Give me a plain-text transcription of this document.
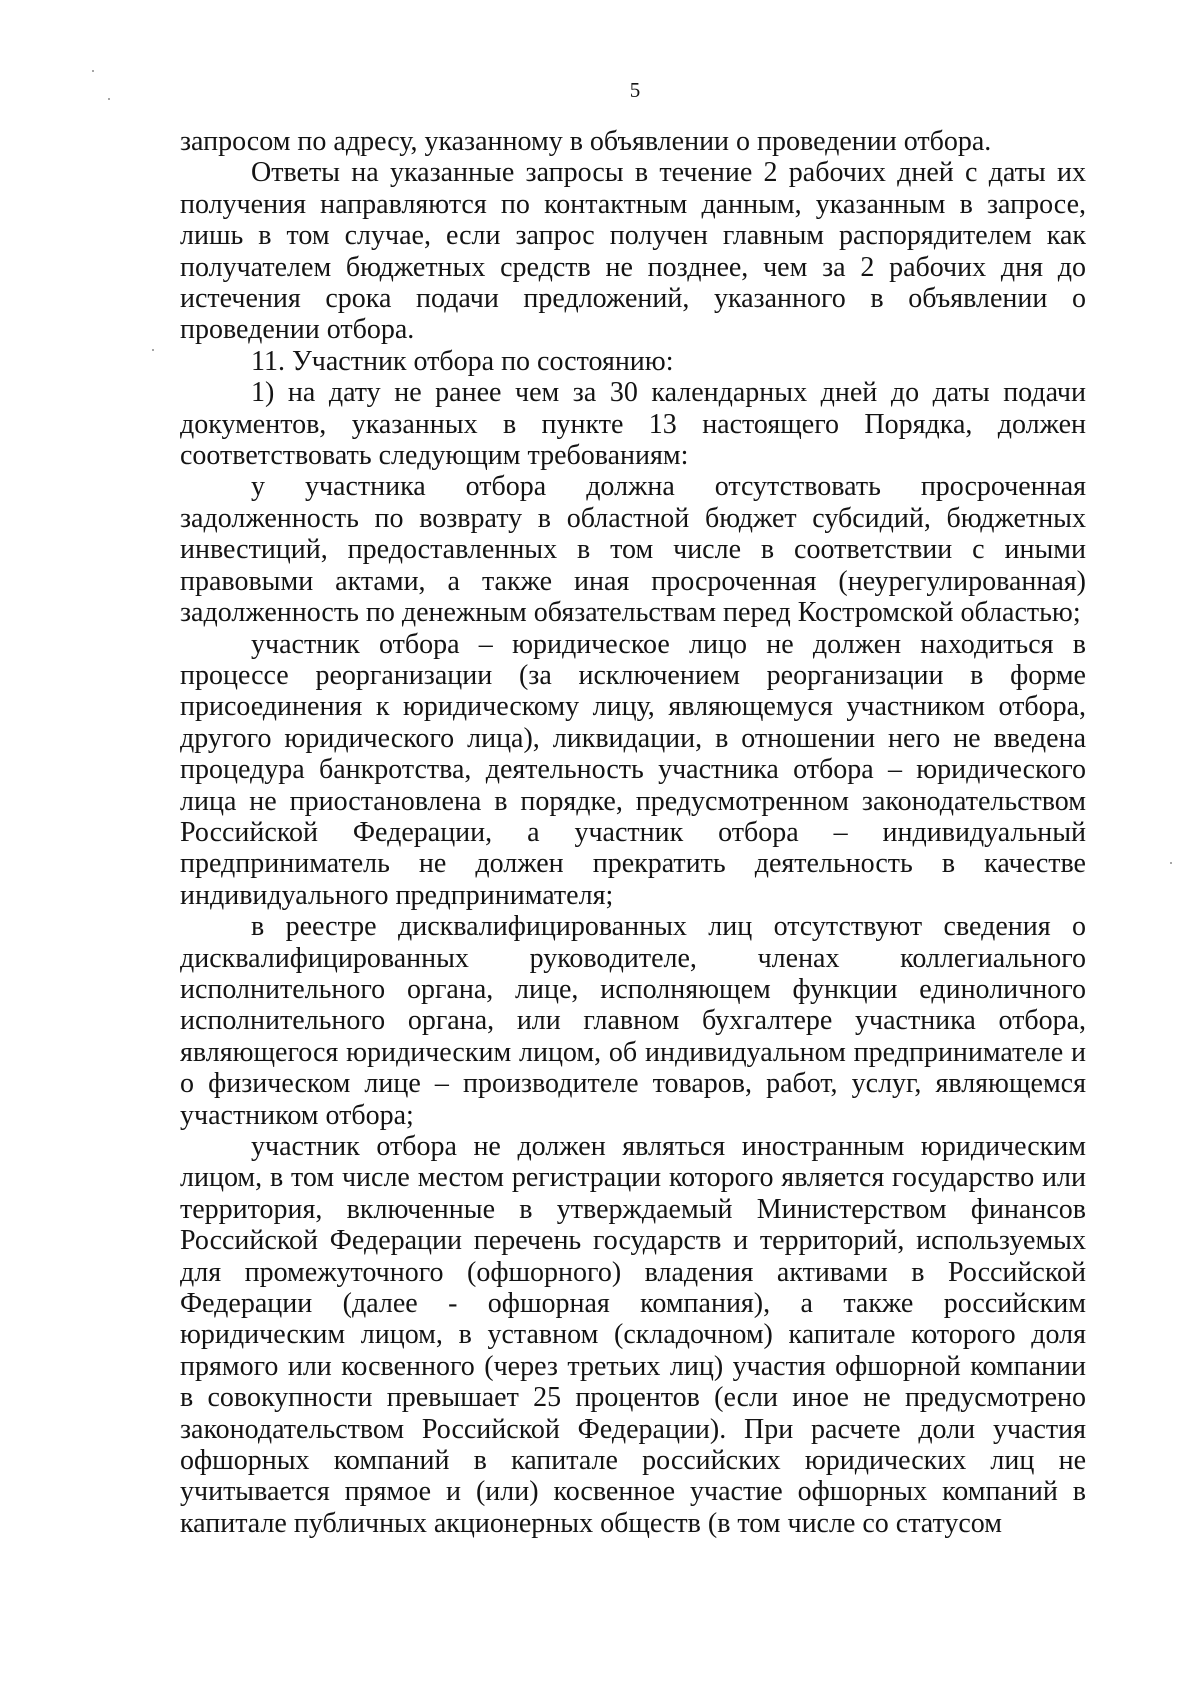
5

запросом по адресу, указанному в объявлении о проведении отбора.

Ответы на указанные запросы в течение 2 рабочих дней с даты их получения направляются по контактным данным, указанным в запросе, лишь в том случае, если запрос получен главным распорядителем как получателем бюджетных средств не позднее, чем за 2 рабочих дня до истечения срока подачи предложений, указанного в объявлении о проведении отбора.

11. Участник отбора по состоянию:

1) на дату не ранее чем за 30 календарных дней до даты подачи документов, указанных в пункте 13 настоящего Порядка, должен соответствовать следующим требованиям:

у участника отбора должна отсутствовать просроченная задолженность по возврату в областной бюджет субсидий, бюджетных инвестиций, предоставленных в том числе в соответствии с иными правовыми актами, а также иная просроченная (неурегулированная) задолженность по денежным обязательствам перед Костромской областью;

участник отбора – юридическое лицо не должен находиться в процессе реорганизации (за исключением реорганизации в форме присоединения к юридическому лицу, являющемуся участником отбора, другого юридического лица), ликвидации, в отношении него не введена процедура банкротства, деятельность участника отбора – юридического лица не приостановлена в порядке, предусмотренном законодательством Российской Федерации, а участник отбора – индивидуальный предприниматель не должен прекратить деятельность в качестве индивидуального предпринимателя;

в реестре дисквалифицированных лиц отсутствуют сведения о дисквалифицированных руководителе, членах коллегиального исполнительного органа, лице, исполняющем функции единоличного исполнительного органа, или главном бухгалтере участника отбора, являющегося юридическим лицом, об индивидуальном предпринимателе и о физическом лице – производителе товаров, работ, услуг, являющемся участником отбора;

участник отбора не должен являться иностранным юридическим лицом, в том числе местом регистрации которого является государство или территория, включенные в утверждаемый Министерством финансов Российской Федерации перечень государств и территорий, используемых для промежуточного (офшорного) владения активами в Российской Федерации (далее - офшорная компания), а также российским юридическим лицом, в уставном (складочном) капитале которого доля прямого или косвенного (через третьих лиц) участия офшорной компании в совокупности превышает 25 процентов (если иное не предусмотрено законодательством Российской Федерации). При расчете доли участия офшорных компаний в капитале российских юридических лиц не учитывается прямое и (или) косвенное участие офшорных компаний в капитале публичных акционерных обществ (в том числе со статусом
